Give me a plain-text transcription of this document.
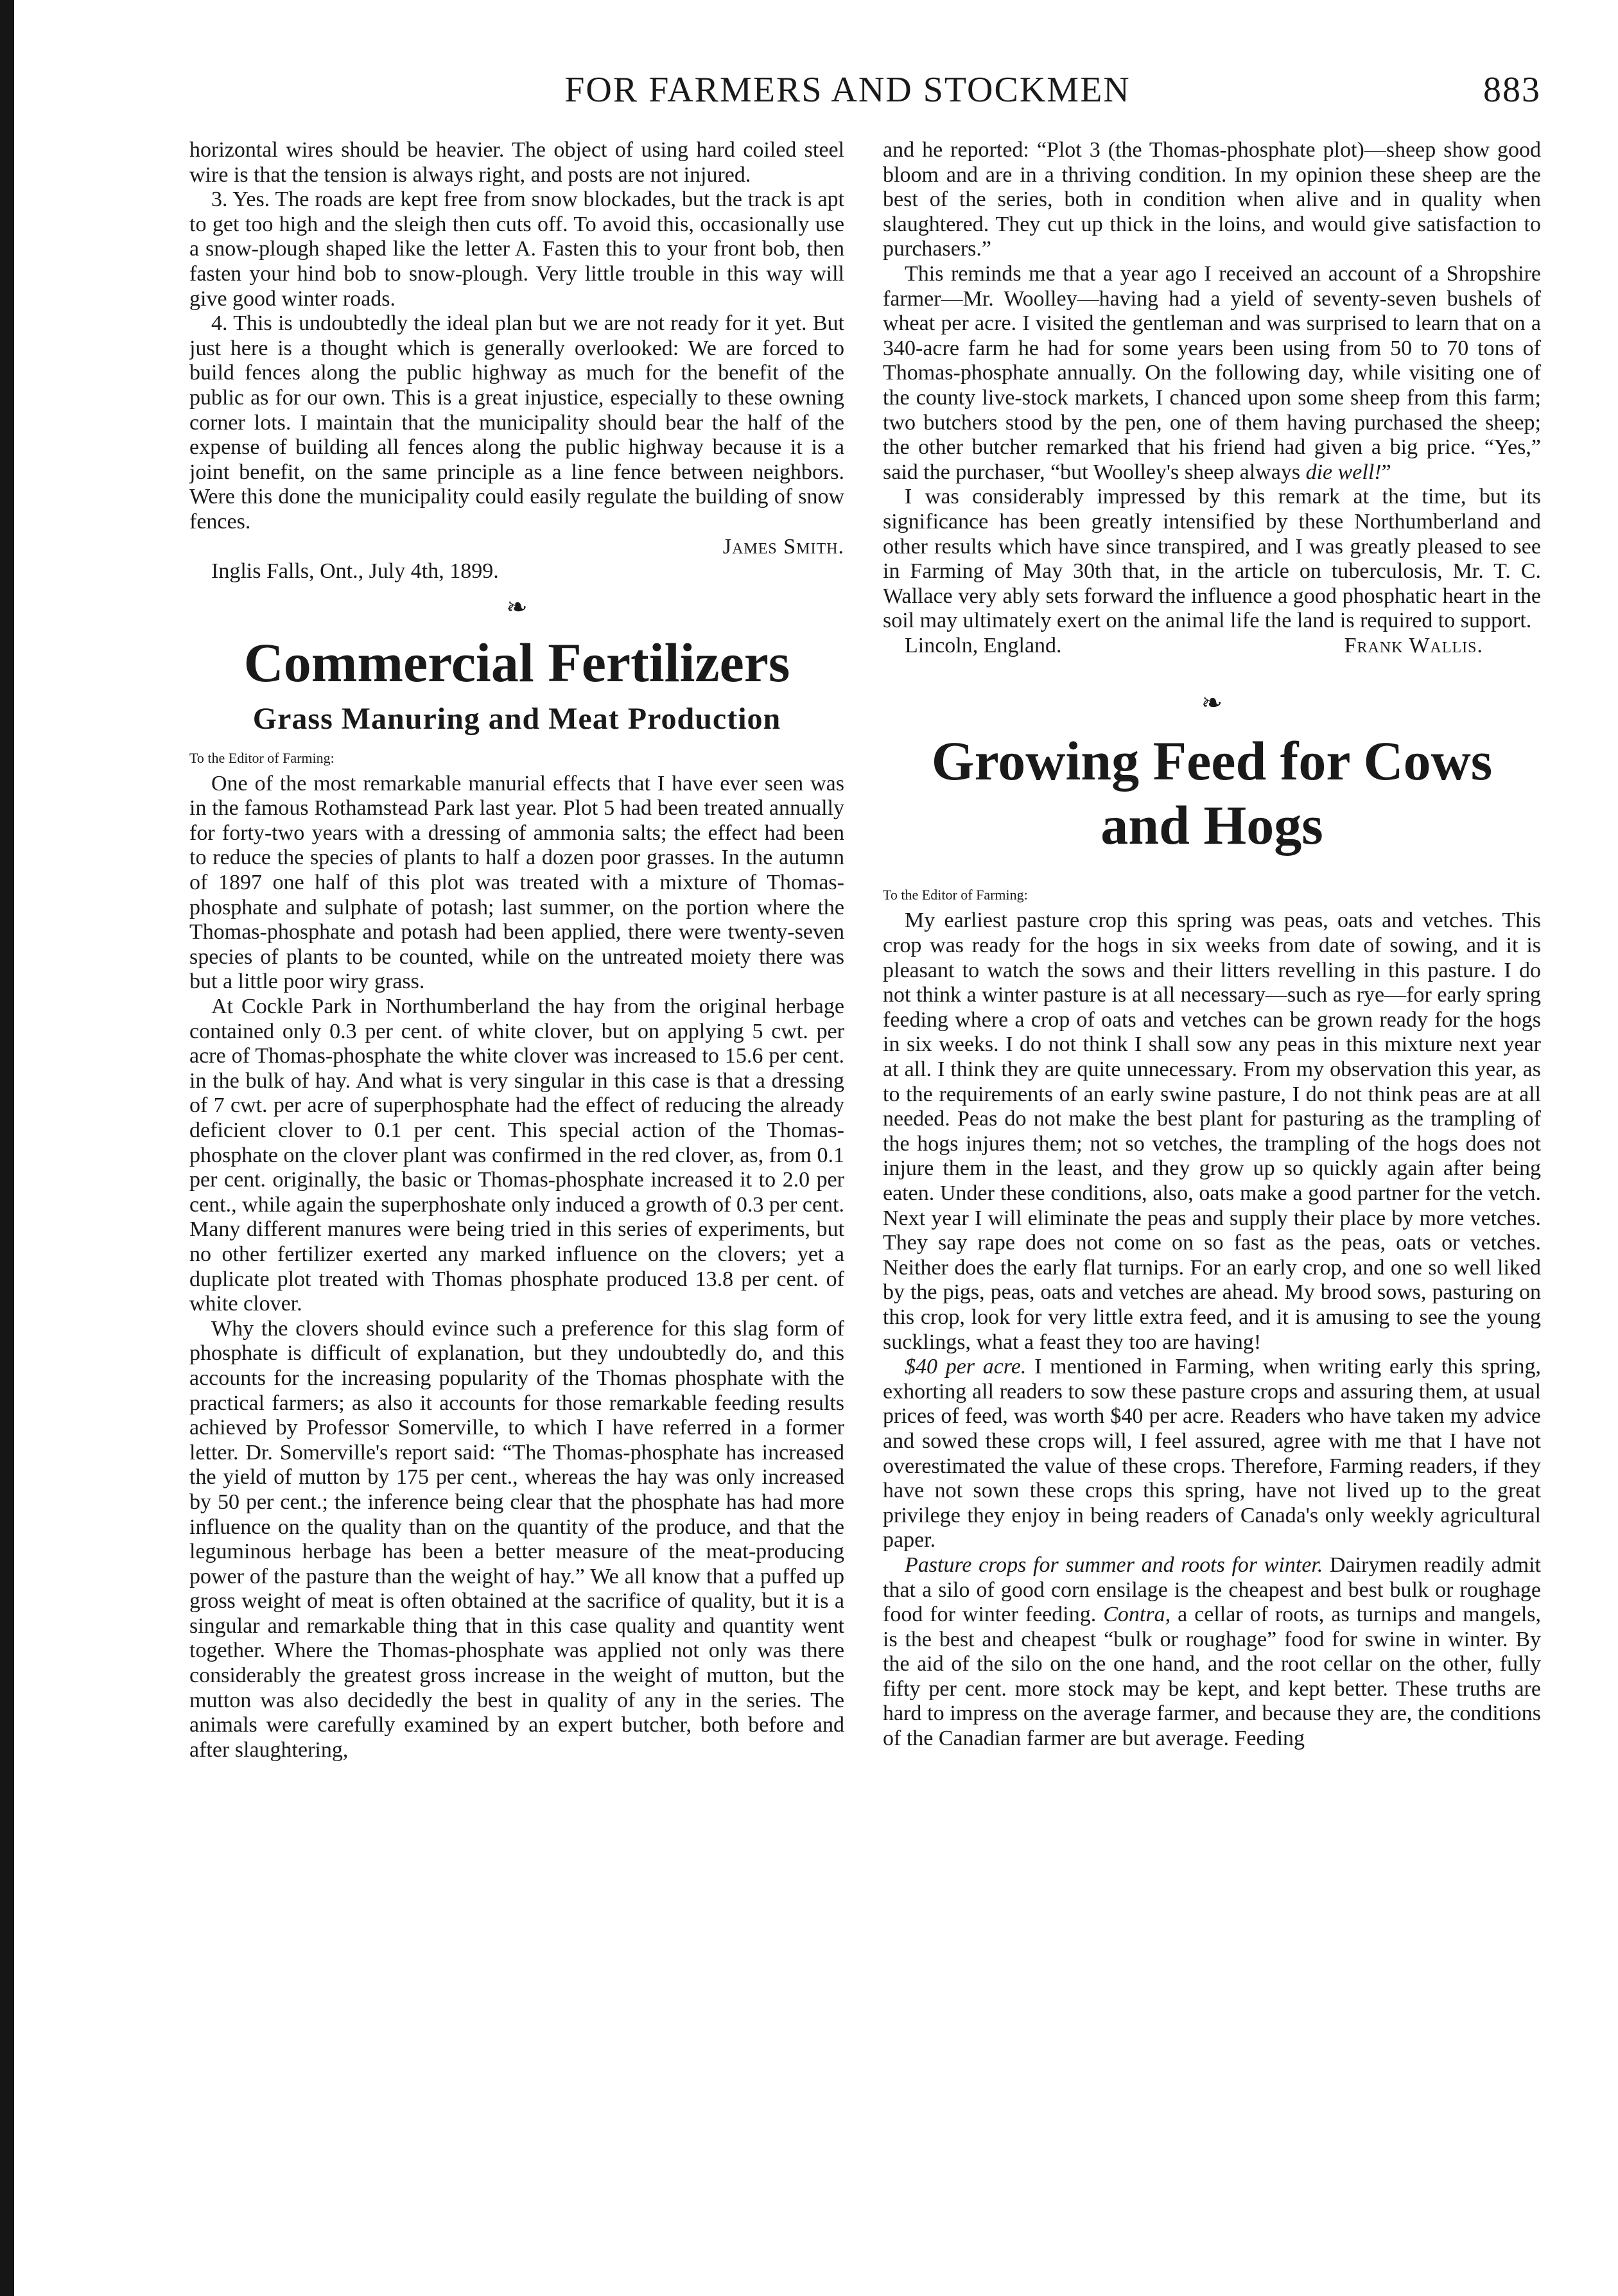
FOR FARMERS AND STOCKMEN	883

horizontal wires should be heavier. The object of using hard coiled steel wire is that the tension is always right, and posts are not injured.

3. Yes. The roads are kept free from snow blockades, but the track is apt to get too high and the sleigh then cuts off. To avoid this, occasionally use a snow-plough shaped like the letter A. Fasten this to your front bob, then fasten your hind bob to snow-plough. Very little trouble in this way will give good winter roads.

4. This is undoubtedly the ideal plan but we are not ready for it yet. But just here is a thought which is generally overlooked: We are forced to build fences along the public highway as much for the benefit of the public as for our own. This is a great injustice, especially to these owning corner lots. I maintain that the municipality should bear the half of the expense of building all fences along the public highway because it is a joint benefit, on the same principle as a line fence between neighbors. Were this done the municipality could easily regulate the building of snow fences.

James Smith.

Inglis Falls, Ont., July 4th, 1899.

❧
Commercial Fertilizers
Grass Manuring and Meat Production

To the Editor of Farming:

One of the most remarkable manurial effects that I have ever seen was in the famous Rothamstead Park last year. Plot 5 had been treated annually for forty-two years with a dressing of ammonia salts; the effect had been to reduce the species of plants to half a dozen poor grasses. In the autumn of 1897 one half of this plot was treated with a mixture of Thomas-phosphate and sulphate of potash; last summer, on the portion where the Thomas-phosphate and potash had been applied, there were twenty-seven species of plants to be counted, while on the untreated moiety there was but a little poor wiry grass.

At Cockle Park in Northumberland the hay from the original herbage contained only 0.3 per cent. of white clover, but on applying 5 cwt. per acre of Thomas-phosphate the white clover was increased to 15.6 per cent. in the bulk of hay. And what is very singular in this case is that a dressing of 7 cwt. per acre of superphosphate had the effect of reducing the already deficient clover to 0.1 per cent. This special action of the Thomas-phosphate on the clover plant was confirmed in the red clover, as, from 0.1 per cent. originally, the basic or Thomas-phosphate increased it to 2.0 per cent., while again the superphoshate only induced a growth of 0.3 per cent. Many different manures were being tried in this series of experiments, but no other fertilizer exerted any marked influence on the clovers; yet a duplicate plot treated with Thomas phosphate produced 13.8 per cent. of white clover.

Why the clovers should evince such a preference for this slag form of phosphate is difficult of explanation, but they undoubtedly do, and this accounts for the increasing popularity of the Thomas phosphate with the practical farmers; as also it accounts for those remarkable feeding results achieved by Professor Somerville, to which I have referred in a former letter. Dr. Somerville's report said: “The Thomas-phosphate has increased the yield of mutton by 175 per cent., whereas the hay was only increased by 50 per cent.; the inference being clear that the phosphate has had more influence on the quality than on the quantity of the produce, and that the leguminous herbage has been a better measure of the meat-producing power of the pasture than the weight of hay.” We all know that a puffed up gross weight of meat is often obtained at the sacrifice of quality, but it is a singular and remarkable thing that in this case quality and quantity went together. Where the Thomas-phosphate was applied not only was there considerably the greatest gross increase in the weight of mutton, but the mutton was also decidedly the best in quality of any in the series. The animals were carefully examined by an expert butcher, both before and after slaughtering,

and he reported: “Plot 3 (the Thomas-phosphate plot)—sheep show good bloom and are in a thriving condition. In my opinion these sheep are the best of the series, both in condition when alive and in quality when slaughtered. They cut up thick in the loins, and would give satisfaction to purchasers.”

This reminds me that a year ago I received an account of a Shropshire farmer—Mr. Woolley—having had a yield of seventy-seven bushels of wheat per acre. I visited the gentleman and was surprised to learn that on a 340-acre farm he had for some years been using from 50 to 70 tons of Thomas-phosphate annually. On the following day, while visiting one of the county live-stock markets, I chanced upon some sheep from this farm; two butchers stood by the pen, one of them having purchased the sheep; the other butcher remarked that his friend had given a big price. “Yes,” said the purchaser, “but Woolley's sheep always die well!”

I was considerably impressed by this remark at the time, but its significance has been greatly intensified by these Northumberland and other results which have since transpired, and I was greatly pleased to see in Farming of May 30th that, in the article on tuberculosis, Mr. T. C. Wallace very ably sets forward the influence a good phosphatic heart in the soil may ultimately exert on the animal life the land is required to support.

Lincoln, England.	Frank Wallis.
❧
Growing Feed for Cows and Hogs

To the Editor of Farming:

My earliest pasture crop this spring was peas, oats and vetches. This crop was ready for the hogs in six weeks from date of sowing, and it is pleasant to watch the sows and their litters revelling in this pasture. I do not think a winter pasture is at all necessary—such as rye—for early spring feeding where a crop of oats and vetches can be grown ready for the hogs in six weeks. I do not think I shall sow any peas in this mixture next year at all. I think they are quite unnecessary. From my observation this year, as to the requirements of an early swine pasture, I do not think peas are at all needed. Peas do not make the best plant for pasturing as the trampling of the hogs injures them; not so vetches, the trampling of the hogs does not injure them in the least, and they grow up so quickly again after being eaten. Under these conditions, also, oats make a good partner for the vetch. Next year I will eliminate the peas and supply their place by more vetches. They say rape does not come on so fast as the peas, oats or vetches. Neither does the early flat turnips. For an early crop, and one so well liked by the pigs, peas, oats and vetches are ahead. My brood sows, pasturing on this crop, look for very little extra feed, and it is amusing to see the young sucklings, what a feast they too are having!

$40 per acre. I mentioned in Farming, when writing early this spring, exhorting all readers to sow these pasture crops and assuring them, at usual prices of feed, was worth $40 per acre. Readers who have taken my advice and sowed these crops will, I feel assured, agree with me that I have not overestimated the value of these crops. Therefore, Farming readers, if they have not sown these crops this spring, have not lived up to the great privilege they enjoy in being readers of Canada's only weekly agricultural paper.

Pasture crops for summer and roots for winter. Dairymen readily admit that a silo of good corn ensilage is the cheapest and best bulk or roughage food for winter feeding. Contra, a cellar of roots, as turnips and mangels, is the best and cheapest “bulk or roughage” food for swine in winter. By the aid of the silo on the one hand, and the root cellar on the other, fully fifty per cent. more stock may be kept, and kept better. These truths are hard to impress on the average farmer, and because they are, the conditions of the Canadian farmer are but average. Feeding
